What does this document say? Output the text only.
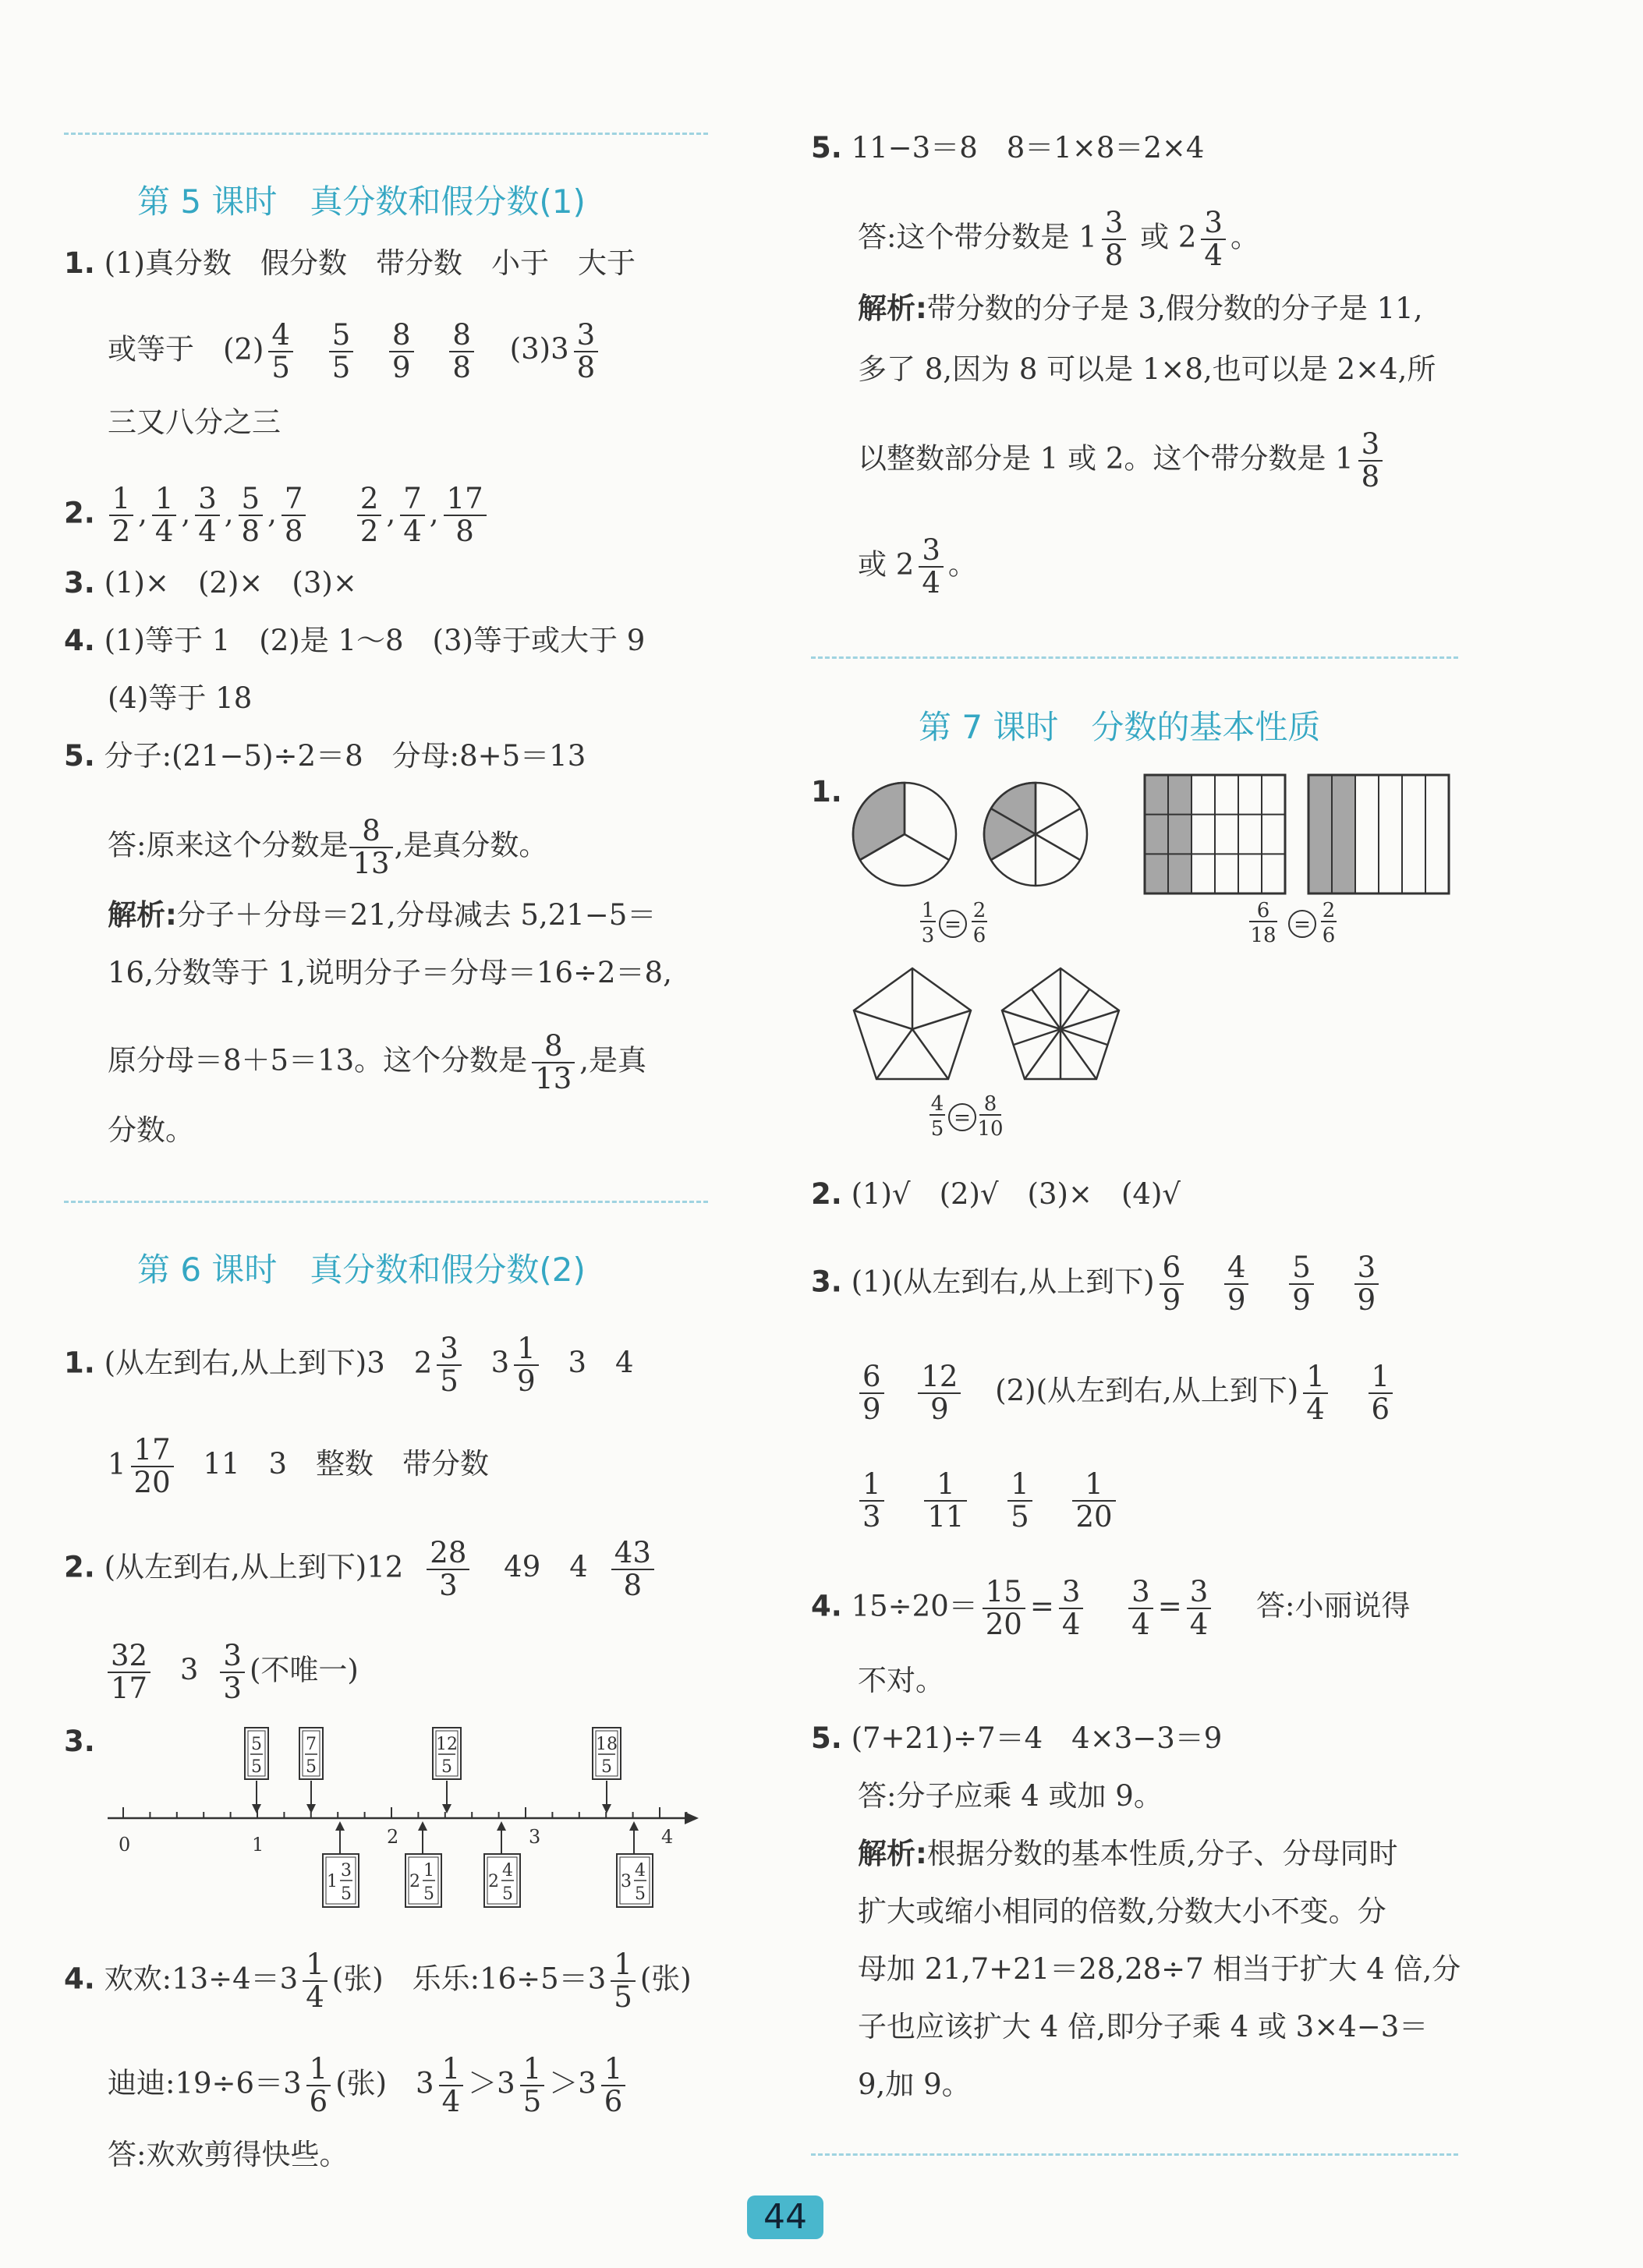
第 5 课时　真分数和假分数(1)
1. (1)真分数　假分数　带分数　小于　大于
或等于　$(2) \frac{4}{5}$
$\frac{5}{5}$
$\frac{8}{9}$
$\frac{8}{8} (3)3 \frac{3}{8}$
三又八分之三
2. $\frac{1}{2}$ , $\frac{1}{4}$ , $\frac{3}{4}$ , $\frac{5}{8}$ , $\frac{7}{8}$
$\frac{2}{2}$ , $\frac{7}{4}$ , $\frac{17}{8}$
3. (1)×　(2)×　(3)×
4. (1)等于 1　(2)是 1～8　(3)等于或大于 9
(4)等于 18
5. 分子:(21−5)÷2＝8　分母:8+5＝13
答:原来这个分数是 $\frac{8}{13}$ ,是真分数。
解析:分子＋分母＝21,分母减去 5,21−5＝
16,分数等于 1,说明分子＝分母＝16÷2＝8,
原分母＝8＋5＝13。这个分数是 $\frac{8}{13}$ ,是真
分数。
第 6 课时　真分数和假分数(2)
1. (从左到右,从上到下)3　$2 \frac{3}{5} 3 \frac{1}{9} 3$　4
$1 \frac{17}{20} 11$　3　整数　带分数
2. (从左到右,从上到下)$12 \frac{28}{3} 49$　$4 \frac{43}{8}$
$\frac{32}{17} 3 \frac{3}{3}$ (不唯一)
3.
0	1	2	3	4
5
5
7
5
12
5
18
5
1
3
5
2
1
5
2
4
5
3
4
5
4. 欢欢:13÷4＝3 $\frac{1}{4}$ (张)　乐乐:16÷5＝3 $\frac{1}{5}$ (张)
迪迪:19÷6＝3 $\frac{1}{6}$ (张)　$3 \frac{1}{4} >3 \frac{1}{5} >3 \frac{1}{6}$
答:欢欢剪得快些。
5. 11−3＝8　8＝1×8＝2×4
答:这个带分数是 $1 \frac{3}{8}$ 或 $2 \frac{3}{4}$ 。
解析:带分数的分子是 3,假分数的分子是 11,
多了 8,因为 8 可以是 1×8,也可以是 2×4,所
以整数部分是 1 或 2。这个带分数是 $1 \frac{3}{8}$
或 $2 \frac{3}{4}$ 。
第 7 课时　分数的基本性质
1.
1
3 =
2
6
6
18 =
2
6
4
5 =
8
10
2. (1)√　(2)√　(3)×　(4)√
3. (1)(从左到右,从上到下) $\frac{6}{9}$
$\frac{4}{9}$
$\frac{5}{9}$
$\frac{3}{9}$
$\frac{6}{9}$
$\frac{12}{9} (2)$(从左到右,从上到下) $\frac{1}{4}$
$\frac{1}{6}$
$\frac{1}{3}$
$\frac{1}{11}$
$\frac{1}{5}$
$\frac{1}{20}$
4. $15\div 20= \frac{15}{20} = \frac{3}{4}$
$\frac{3}{4} = \frac{3}{4}$ 答:小丽说得
不对。
5. (7+21)÷7＝4　4×3−3＝9
答:分子应乘 4 或加 9。
解析:根据分数的基本性质,分子、分母同时
扩大或缩小相同的倍数,分数大小不变。分
母加 21,7+21＝28,28÷7 相当于扩大 4 倍,分
子也应该扩大 4 倍,即分子乘 4 或 3×4−3＝
9,加 9。
44
